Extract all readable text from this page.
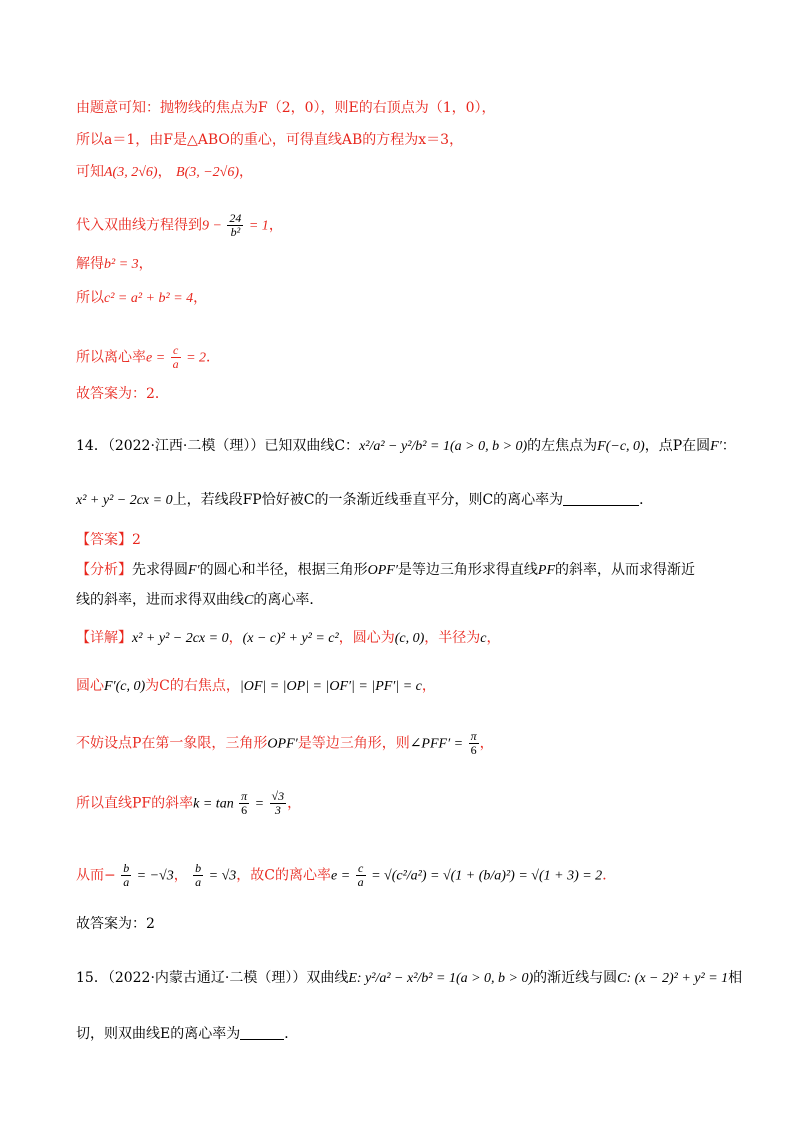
由题意可知：抛物线的焦点为F（2，0），则E的右顶点为（1，0），
所以a＝1，由F是△ABO的重心，可得直线AB的方程为x＝3，
可知A(3, 2√6)， B(3, −2√6)，
代入双曲线方程得到$9 - \frac{24}{\text{b²}} = 1$，
解得b² = 3，
所以c² = a² + b² = 4，
所以离心率$e = \frac{c}{a} = 2$．
故答案为：2．
14．（2022·江西·二模（理））已知双曲线C：x²/a² − y²/b² = 1(a > 0, b > 0)的左焦点为F(−c, 0)，点P在圆F′：
x² + y² − 2cx = 0上，若线段FP恰好被C的一条渐近线垂直平分，则C的离心率为	．
【答案】2
【分析】先求得圆F′的圆心和半径，根据三角形OPF′是等边三角形求得直线PF的斜率，从而求得渐近
线的斜率，进而求得双曲线C的离心率．
【详解】x² + y² − 2cx = 0，(x − c)² + y² = c²，圆心为(c, 0)，半径为c，
圆心F′(c, 0)为C的右焦点，|OF| = |OP| = |OF′| = |PF′| = c，
不妨设点P在第一象限，三角形OPF′是等边三角形，则∠PFF′ = $\frac{\pi}{6}$ ，
所以直线PF的斜率$k = \tan \frac{\pi}{6} = \frac{√3}{3}$ ，
从而− $\frac{b}{a} = -√3$， $\frac{b}{a} = √3$，故C的离心率$e = \frac{c}{a} = √(c^2/a^2) = √(1 + (b/a)^2) = √(1 + 3) = 2$．
故答案为：2
15．（2022·内蒙古通辽·二模（理））双曲线E: y²/a² − x²/b² = 1(a > 0, b > 0)的渐近线与圆C: (x − 2)² + y² = 1相
切，则双曲线E的离心率为	．
